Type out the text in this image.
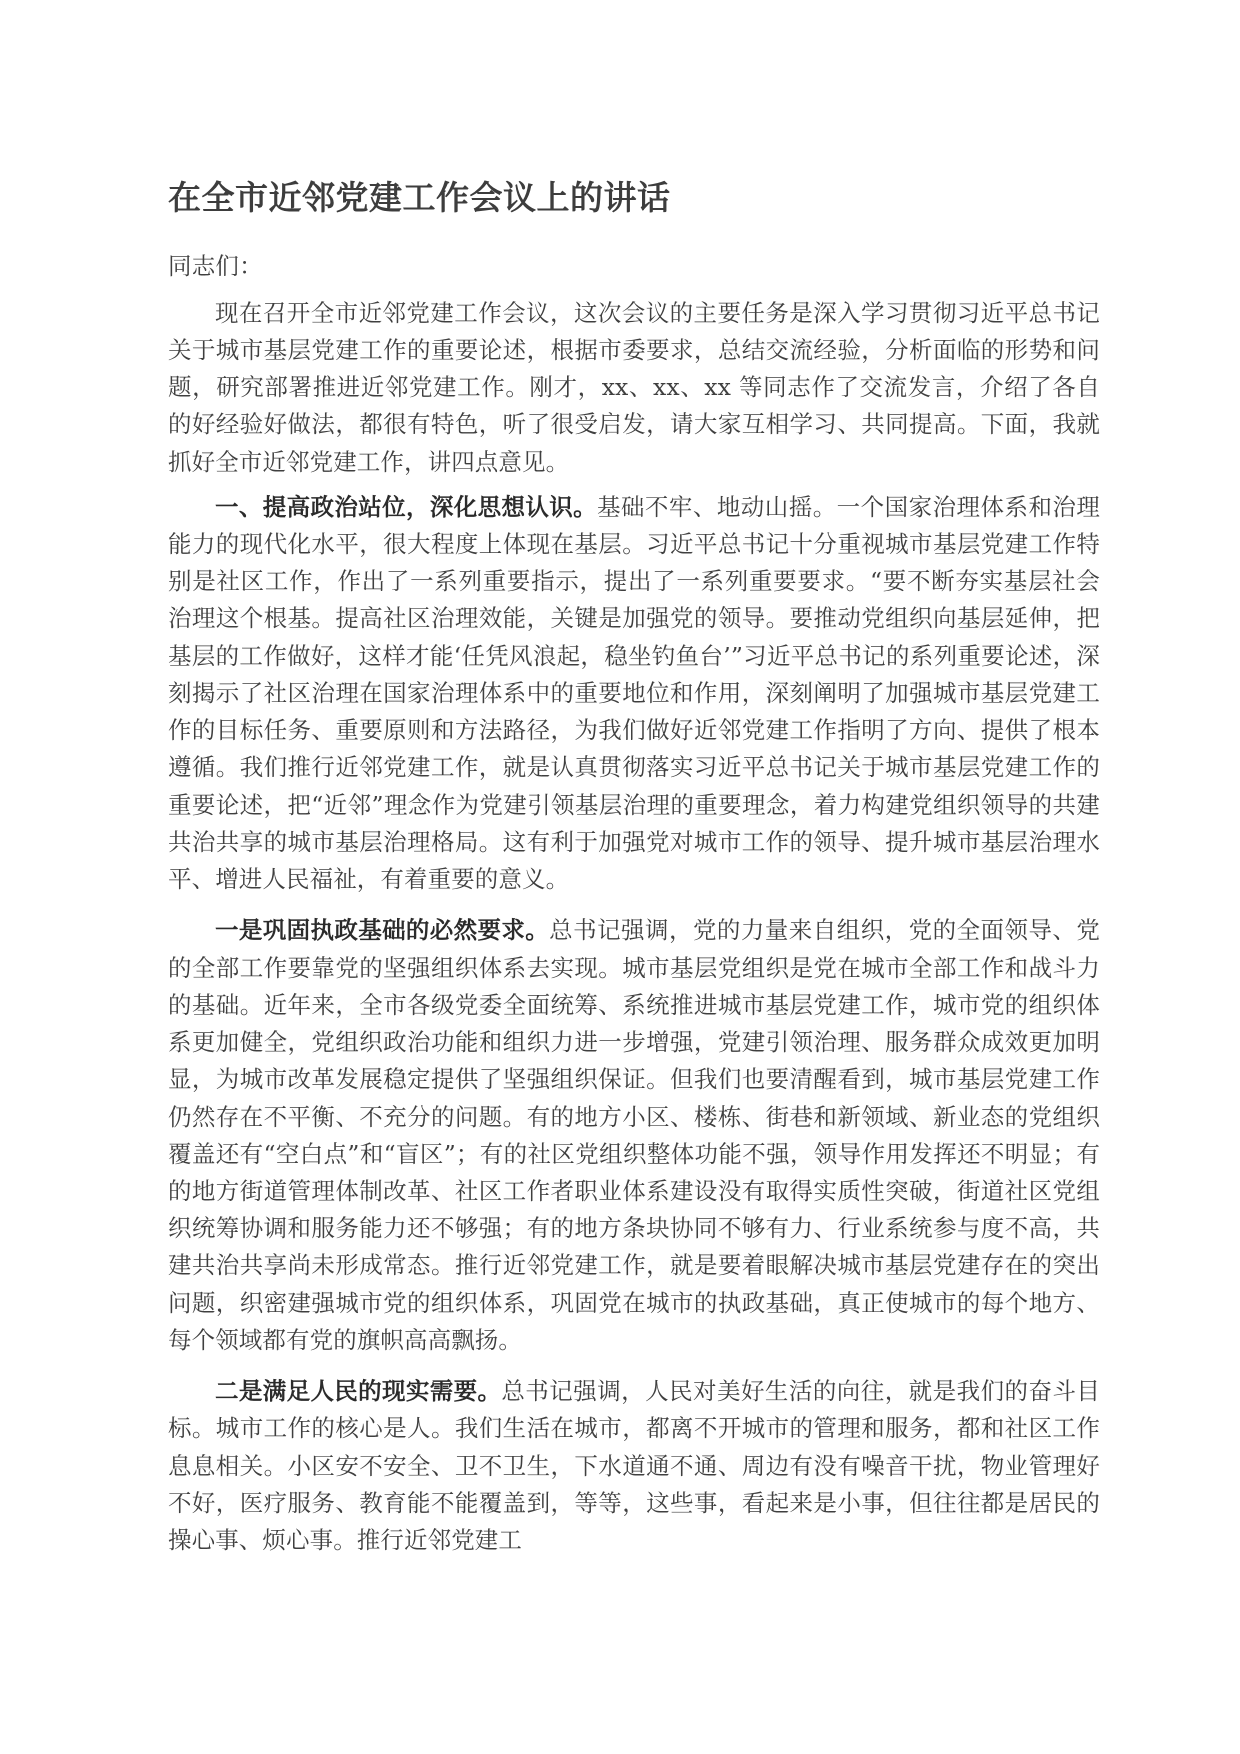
在全市近邻党建工作会议上的讲话
同志们：

现在召开全市近邻党建工作会议，这次会议的主要任务是深入学习贯彻习近平总书记关于城市基层党建工作的重要论述，根据市委要求，总结交流经验，分析面临的形势和问题，研究部署推进近邻党建工作。刚才，xx、xx、xx 等同志作了交流发言，介绍了各自的好经验好做法，都很有特色，听了很受启发，请大家互相学习、共同提高。下面，我就抓好全市近邻党建工作，讲四点意见。

一、提高政治站位，深化思想认识。基础不牢、地动山摇。一个国家治理体系和治理能力的现代化水平，很大程度上体现在基层。习近平总书记十分重视城市基层党建工作特别是社区工作，作出了一系列重要指示，提出了一系列重要要求。“要不断夯实基层社会治理这个根基。提高社区治理效能，关键是加强党的领导。要推动党组织向基层延伸，把基层的工作做好，这样才能‘任凭风浪起，稳坐钓鱼台’”习近平总书记的系列重要论述，深刻揭示了社区治理在国家治理体系中的重要地位和作用，深刻阐明了加强城市基层党建工作的目标任务、重要原则和方法路径，为我们做好近邻党建工作指明了方向、提供了根本遵循。我们推行近邻党建工作，就是认真贯彻落实习近平总书记关于城市基层党建工作的重要论述，把“近邻”理念作为党建引领基层治理的重要理念，着力构建党组织领导的共建共治共享的城市基层治理格局。这有利于加强党对城市工作的领导、提升城市基层治理水平、增进人民福祉，有着重要的意义。

一是巩固执政基础的必然要求。总书记强调，党的力量来自组织，党的全面领导、党的全部工作要靠党的坚强组织体系去实现。城市基层党组织是党在城市全部工作和战斗力的基础。近年来，全市各级党委全面统筹、系统推进城市基层党建工作，城市党的组织体系更加健全，党组织政治功能和组织力进一步增强，党建引领治理、服务群众成效更加明显，为城市改革发展稳定提供了坚强组织保证。但我们也要清醒看到，城市基层党建工作仍然存在不平衡、不充分的问题。有的地方小区、楼栋、街巷和新领域、新业态的党组织覆盖还有“空白点”和“盲区”；有的社区党组织整体功能不强，领导作用发挥还不明显；有的地方街道管理体制改革、社区工作者职业体系建设没有取得实质性突破，街道社区党组织统筹协调和服务能力还不够强；有的地方条块协同不够有力、行业系统参与度不高，共建共治共享尚未形成常态。推行近邻党建工作，就是要着眼解决城市基层党建存在的突出问题，织密建强城市党的组织体系，巩固党在城市的执政基础，真正使城市的每个地方、每个领域都有党的旗帜高高飘扬。

二是满足人民的现实需要。总书记强调，人民对美好生活的向往，就是我们的奋斗目标。城市工作的核心是人。我们生活在城市，都离不开城市的管理和服务，都和社区工作息息相关。小区安不安全、卫不卫生，下水道通不通、周边有没有噪音干扰，物业管理好不好，医疗服务、教育能不能覆盖到，等等，这些事，看起来是小事，但往往都是居民的操心事、烦心事。推行近邻党建工
